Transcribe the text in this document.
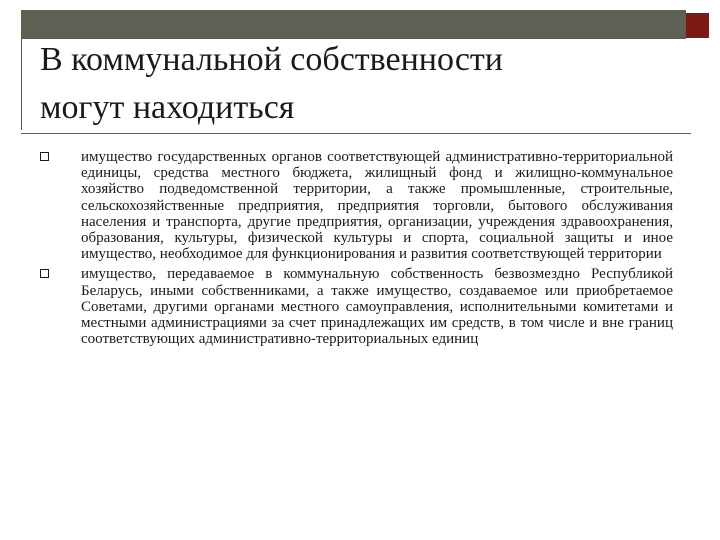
В коммунальной собственности
могут находиться
имущество государственных органов соответствующей административно-территориальной единицы, средства местного бюджета, жилищный фонд и жилищно-коммунальное хозяйство подведомственной территории, а также промышленные, строительные, сельскохозяйственные предприятия, предприятия торговли, бытового обслуживания населения и транспорта, другие предприятия, организации, учреждения здравоохранения, образования, культуры, физической культуры и спорта, социальной защиты и иное имущество, необходимое для функционирования и развития соответствующей территории
имущество, передаваемое в коммунальную собственность безвозмездно Республикой Беларусь, иными собственниками, а также имущество, создаваемое или приобретаемое Советами, другими органами местного самоуправления, исполнительными комитетами и местными администрациями за счет принадлежащих им средств, в том числе и вне границ соответствующих административно-территориальных единиц
